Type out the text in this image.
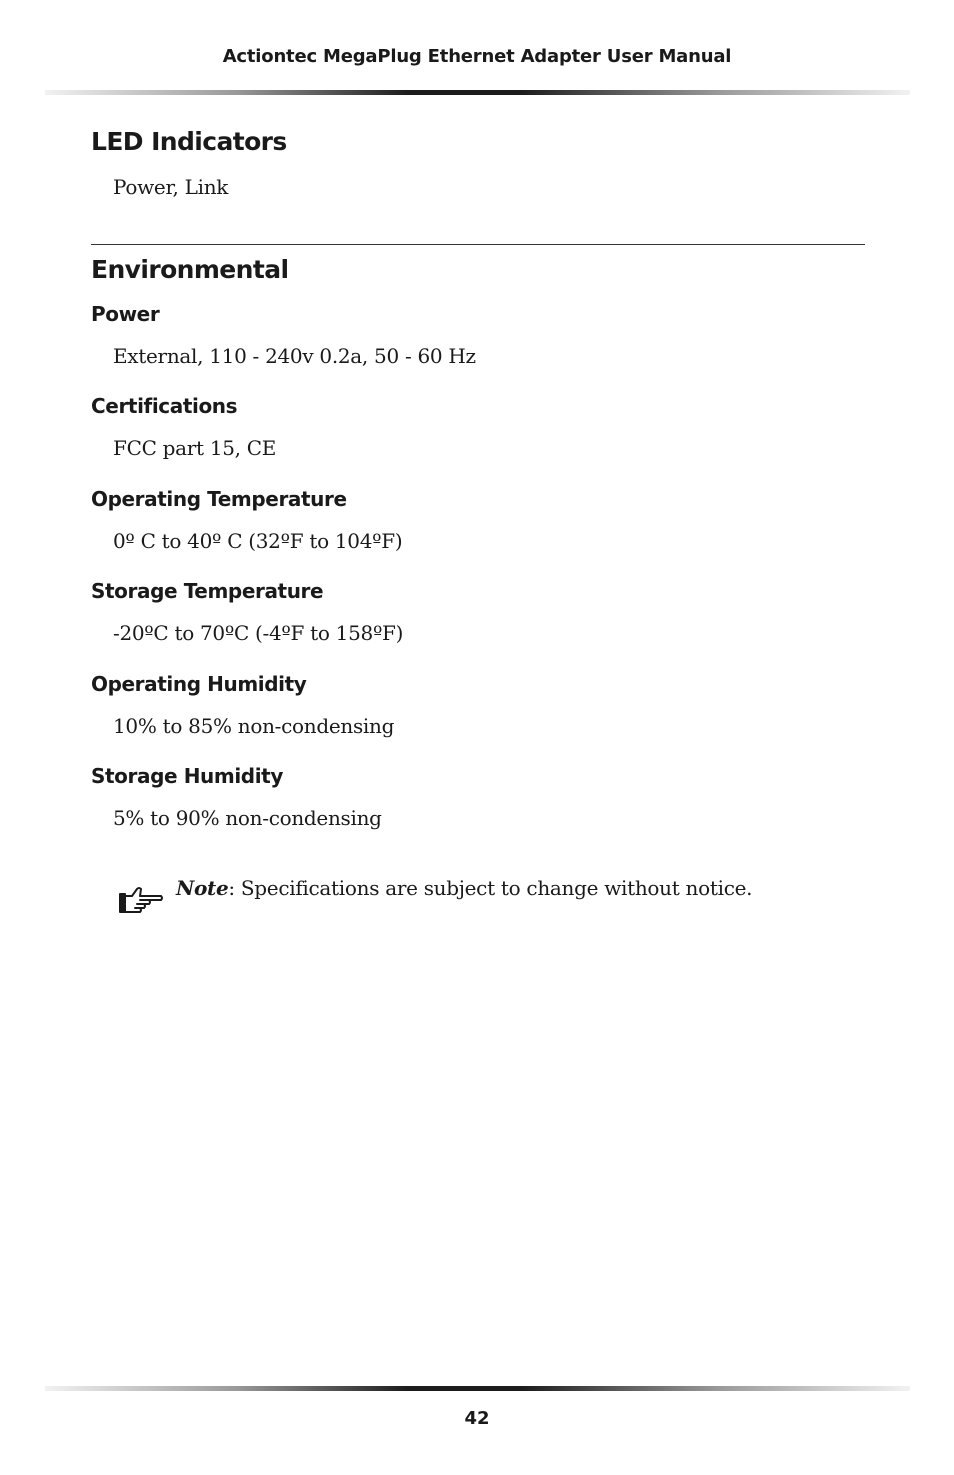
Actiontec MegaPlug Ethernet Adapter User Manual
LED Indicators

Power, Link

Environmental
Power

External, 110 - 240v 0.2a, 50 - 60 Hz

Certifications

FCC part 15, CE

Operating Temperature

0º C to 40º C (32ºF to 104ºF)

Storage Temperature

-20ºC to 70ºC (-4ºF to 158ºF)

Operating Humidity

10% to 85% non-condensing

Storage Humidity

5% to 90% non-condensing

Note: Specifications are subject to change without notice.
42
